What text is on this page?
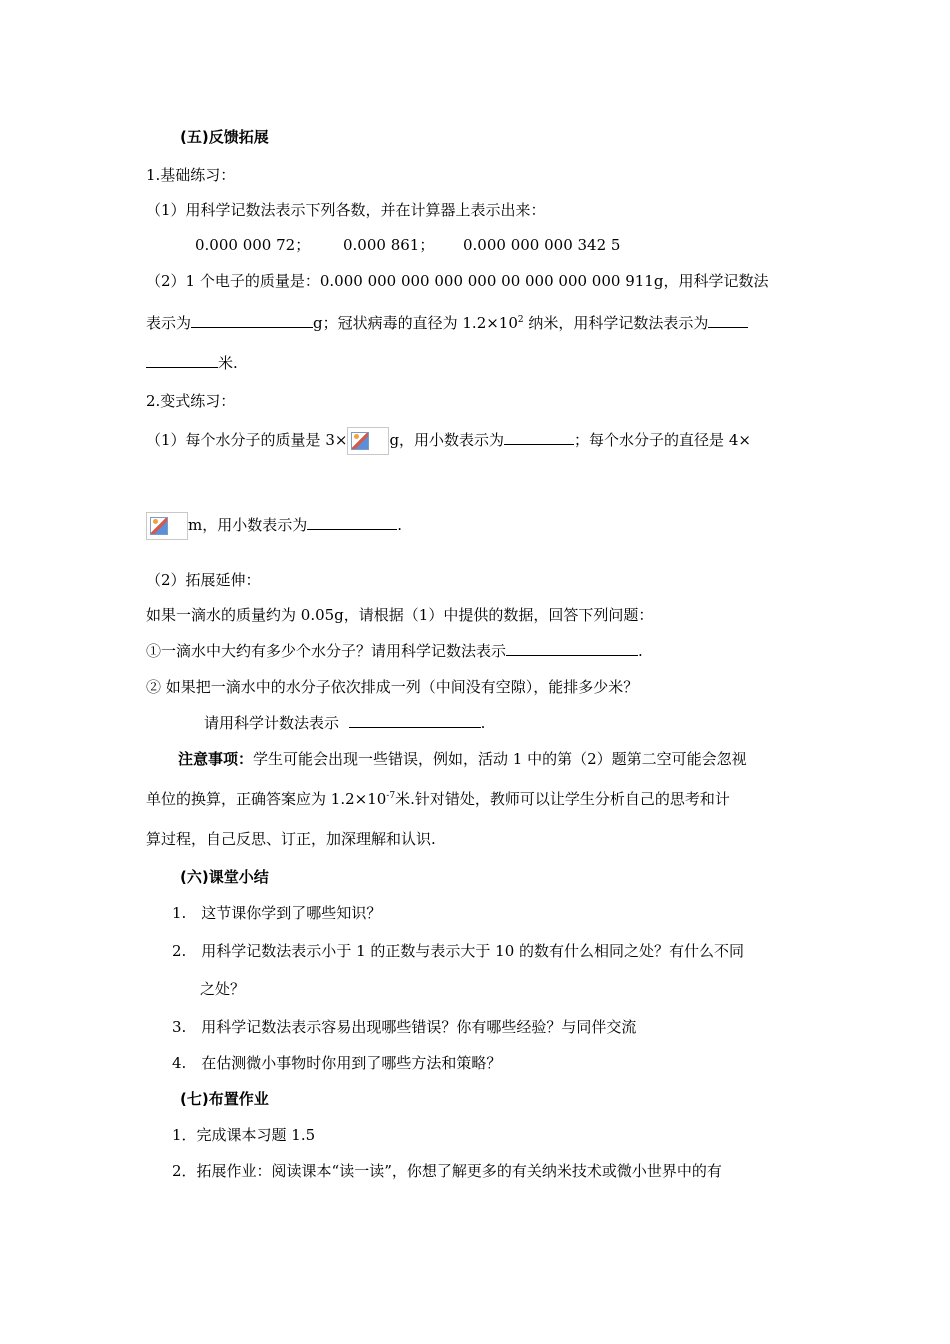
(五)反馈拓展
1.基础练习：
（1）用科学记数法表示下列各数，并在计算器上表示出来：
0.000 000 72； 0.000 861； 0.000 000 000 342 5
（2）1 个电子的质量是：0.000 000 000 000 000 00 000 000 000 911g，用科学记数法
表示为	g；冠状病毒的直径为 $1.2\times 10^2$ 纳米，用科学记数法表示为
米.
2.变式练习：
（1）每个水分子的质量是 3×	g，用小数表示为	；每个水分子的直径是 4×
m，用小数表示为	.
（2）拓展延伸：
如果一滴水的质量约为 0.05g，请根据（1）中提供的数据，回答下列问题：
①一滴水中大约有多少个水分子？请用科学记数法表示	.
② 如果把一滴水中的水分子依次排成一列（中间没有空隙），能排多少米？
请用科学计数法表示	.
注意事项：学生可能会出现一些错误，例如，活动 1 中的第（2）题第二空可能会忽视
单位的换算，正确答案应为 $1.2\times 10^{-7}$米.针对错处，教师可以让学生分析自己的思考和计
算过程，自己反思、订正，加深理解和认识.
(六)课堂小结
1.　这节课你学到了哪些知识？
2.　用科学记数法表示小于 1 的正数与表示大于 10 的数有什么相同之处？有什么不同
之处？
3.　用科学记数法表示容易出现哪些错误？你有哪些经验？与同伴交流
4.　在估测微小事物时你用到了哪些方法和策略？
(七)布置作业
1．完成课本习题 1.5
2．拓展作业：阅读课本“读一读”，你想了解更多的有关纳米技术或微小世界中的有
